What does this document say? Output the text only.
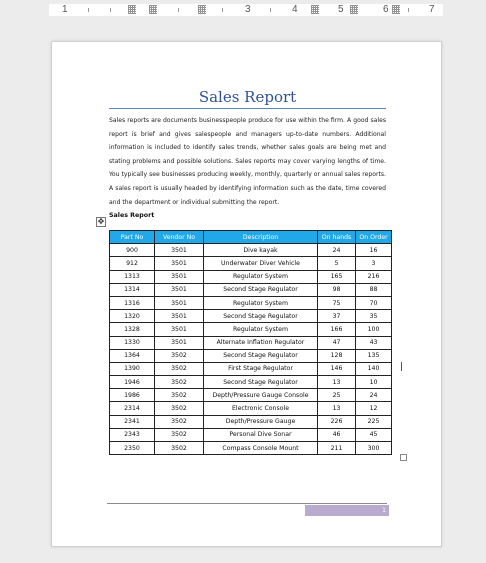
1	3	4	5	6	7
Sales Report

Sales reports are documents businesspeople produce for use within the firm. A good sales report is brief and gives salespeople and managers up-to-date numbers. Additional information is included to identify sales trends, whether sales goals are being met and stating problems and possible solutions. Sales reports may cover varying lengths of time. You typically see businesses producing weekly, monthly, quarterly or annual sales reports. A sales report is usually headed by identifying information such as the date, time covered and the department or individual submitting the report.

Sales Report
✥
Part No	Vendor No	Description	On hands	On Order
900	3501	Dive kayak	24	16
912	3501	Underwater Diver Vehicle	5	3
1313	3501	Regulator System	165	216
1314	3501	Second Stage Regulator	98	88
1316	3501	Regulator System	75	70
1320	3501	Second Stage Regulator	37	35
1328	3501	Regulator System	166	100
1330	3501	Alternate Inflation Regulator	47	43
1364	3502	Second Stage Regulator	128	135
1390	3502	First Stage Regulator	146	140
1946	3502	Second Stage Regulator	13	10
1986	3502	Depth/Pressure Gauge Console	25	24
2314	3502	Electronic Console	13	12
2341	3502	Depth/Pressure Gauge	226	225
2343	3502	Personal Dive Sonar	46	45
2350	3502	Compass Console Mount	211	300
1
